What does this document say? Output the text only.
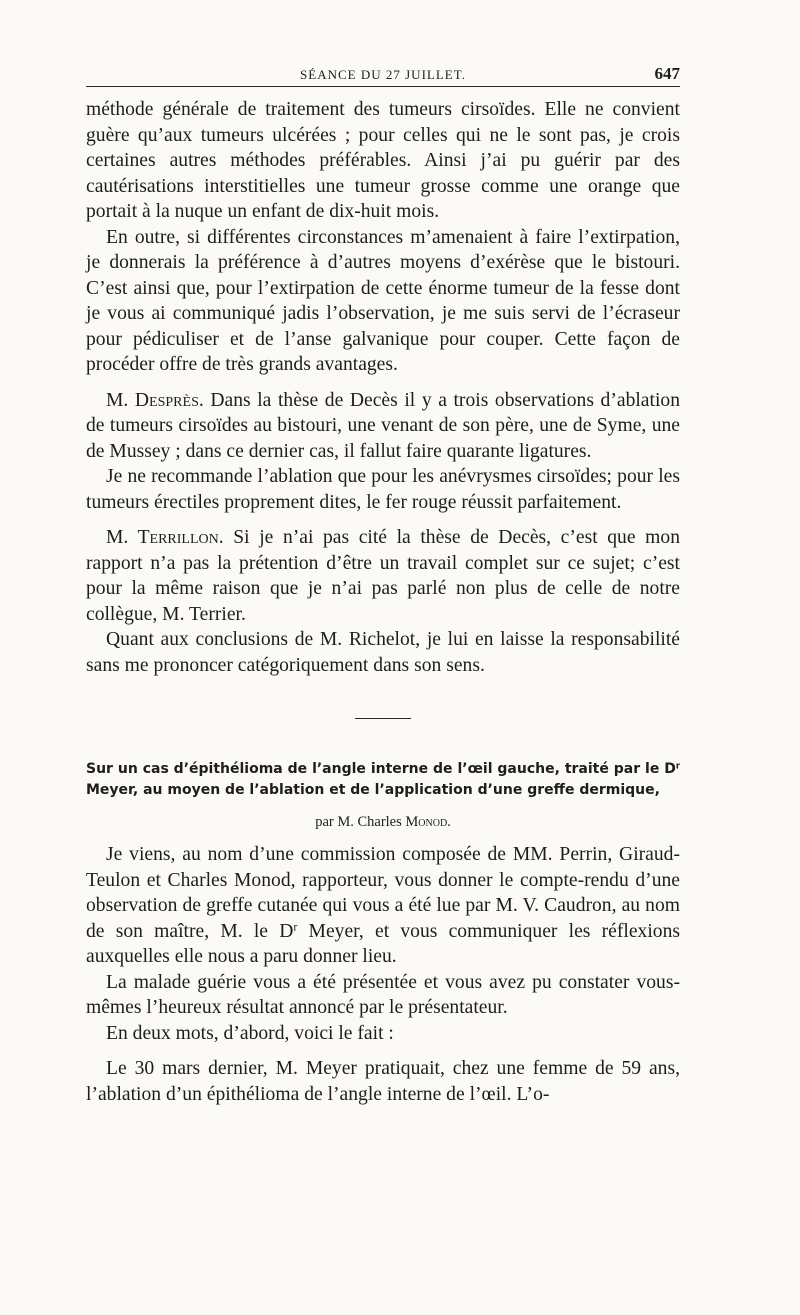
SÉANCE DU 27 JUILLET.	647

méthode générale de traitement des tumeurs cirsoïdes. Elle ne convient guère qu’aux tumeurs ulcérées ; pour celles qui ne le sont pas, je crois certaines autres méthodes préférables. Ainsi j’ai pu guérir par des cautérisations interstitielles une tumeur grosse comme une orange que portait à la nuque un enfant de dix-huit mois.

En outre, si différentes circonstances m’amenaient à faire l’extirpation, je donnerais la préférence à d’autres moyens d’exérèse que le bistouri. C’est ainsi que, pour l’extirpation de cette énorme tumeur de la fesse dont je vous ai communiqué jadis l’observation, je me suis servi de l’écraseur pour pédiculiser et de l’anse galvanique pour couper. Cette façon de procéder offre de très grands avantages.

M. Desprès. Dans la thèse de Decès il y a trois observations d’ablation de tumeurs cirsoïdes au bistouri, une venant de son père, une de Syme, une de Mussey ; dans ce dernier cas, il fallut faire quarante ligatures.

Je ne recommande l’ablation que pour les anévrysmes cirsoïdes; pour les tumeurs érectiles proprement dites, le fer rouge réussit parfaitement.

M. Terrillon. Si je n’ai pas cité la thèse de Decès, c’est que mon rapport n’a pas la prétention d’être un travail complet sur ce sujet; c’est pour la même raison que je n’ai pas parlé non plus de celle de notre collègue, M. Terrier.

Quant aux conclusions de M. Richelot, je lui en laisse la responsabilité sans me prononcer catégoriquement dans son sens.

Sur un cas d’épithélioma de l’angle interne de l’œil gauche, traité par le $D^r$ Meyer, au moyen de l’ablation et de l’application d’une greffe dermique,
par M. Charles Monod.

Je viens, au nom d’une commission composée de MM. Perrin, Giraud-Teulon et Charles Monod, rapporteur, vous donner le compte-rendu d’une observation de greffe cutanée qui vous a été lue par M. V. Caudron, au nom de son maître, M. le $D^r$ Meyer, et vous communiquer les réflexions auxquelles elle nous a paru donner lieu.

La malade guérie vous a été présentée et vous avez pu constater vous-mêmes l’heureux résultat annoncé par le présentateur.

En deux mots, d’abord, voici le fait :

Le 30 mars dernier, M. Meyer pratiquait, chez une femme de 59 ans, l’ablation d’un épithélioma de l’angle interne de l’œil. L’o-
